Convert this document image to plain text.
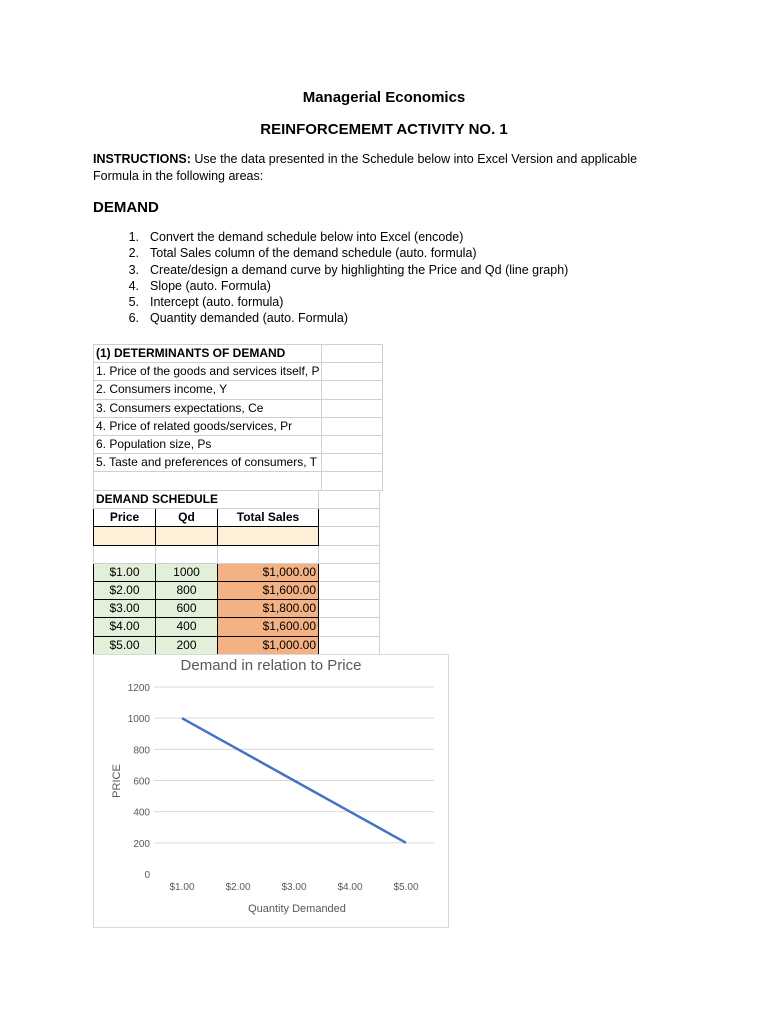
Managerial Economics
REINFORCEMEMT ACTIVITY NO. 1
INSTRUCTIONS: Use the data presented in the Schedule below into Excel Version and applicable
Formula in the following areas:
DEMAND
1. Convert the demand schedule below into Excel (encode)
2. Total Sales column of the demand schedule (auto. formula)
3. Create/design a demand curve by highlighting the Price and Qd (line graph)
4. Slope (auto. Formula)
5. Intercept (auto. formula)
6. Quantity demanded (auto. Formula)
(1) DETERMINANTS OF DEMAND	
1. Price of the goods and services itself, P	
2. Consumers income, Y	
3. Consumers expectations, Ce	
4. Price of related goods/services, Pr	
6. Population size, Ps	
5. Taste and preferences of consumers, T	

DEMAND SCHEDULE			
Price	Qd	Total Sales	

$1.00	1000	$1,000.00	
$2.00	800	$1,600.00	
$3.00	600	$1,800.00	
$4.00	400	$1,600.00	
$5.00	200	$1,000.00	
Demand in relation to Price
Quantity Demanded
PRICE
0
200
400
600
800
1000
1200
$1.00	$2.00	$3.00	$4.00	$5.00
